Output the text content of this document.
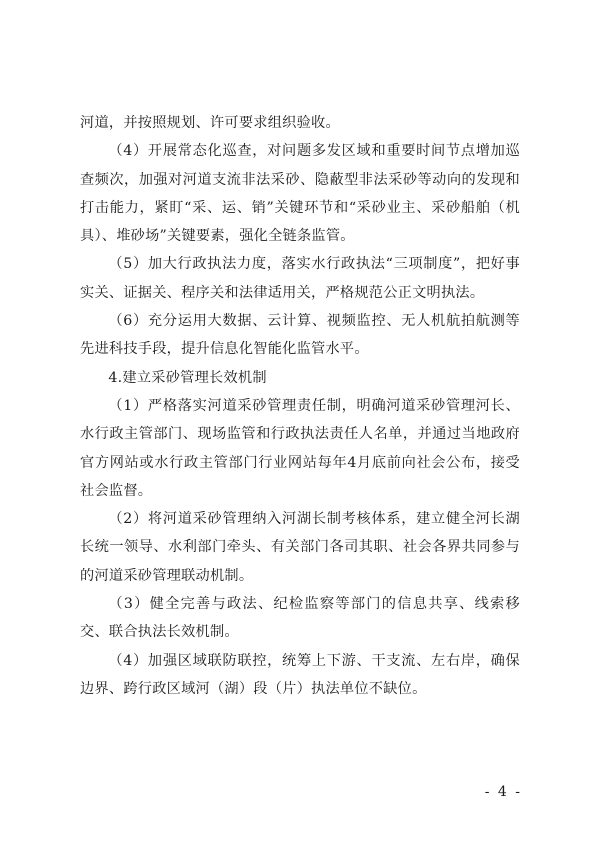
河道，并按照规划、许可要求组织验收。

（4）开展常态化巡查，对问题多发区域和重要时间节点增加巡查频次，加强对河道支流非法采砂、隐蔽型非法采砂等动向的发现和打击能力，紧盯“采、运、销”关键环节和“采砂业主、采砂船舶（机具）、堆砂场”关键要素，强化全链条监管。

（5）加大行政执法力度，落实水行政执法“三项制度”，把好事实关、证据关、程序关和法律适用关，严格规范公正文明执法。

（6）充分运用大数据、云计算、视频监控、无人机航拍航测等先进科技手段，提升信息化智能化监管水平。

4.建立采砂管理长效机制

（1）严格落实河道采砂管理责任制，明确河道采砂管理河长、水行政主管部门、现场监管和行政执法责任人名单，并通过当地政府官方网站或水行政主管部门行业网站每年4月底前向社会公布，接受社会监督。

（2）将河道采砂管理纳入河湖长制考核体系，建立健全河长湖长统一领导、水利部门牵头、有关部门各司其职、社会各界共同参与的河道采砂管理联动机制。

（3）健全完善与政法、纪检监察等部门的信息共享、线索移交、联合执法长效机制。

（4）加强区域联防联控，统筹上下游、干支流、左右岸，确保边界、跨行政区域河（湖）段（片）执法单位不缺位。

- 4 -
